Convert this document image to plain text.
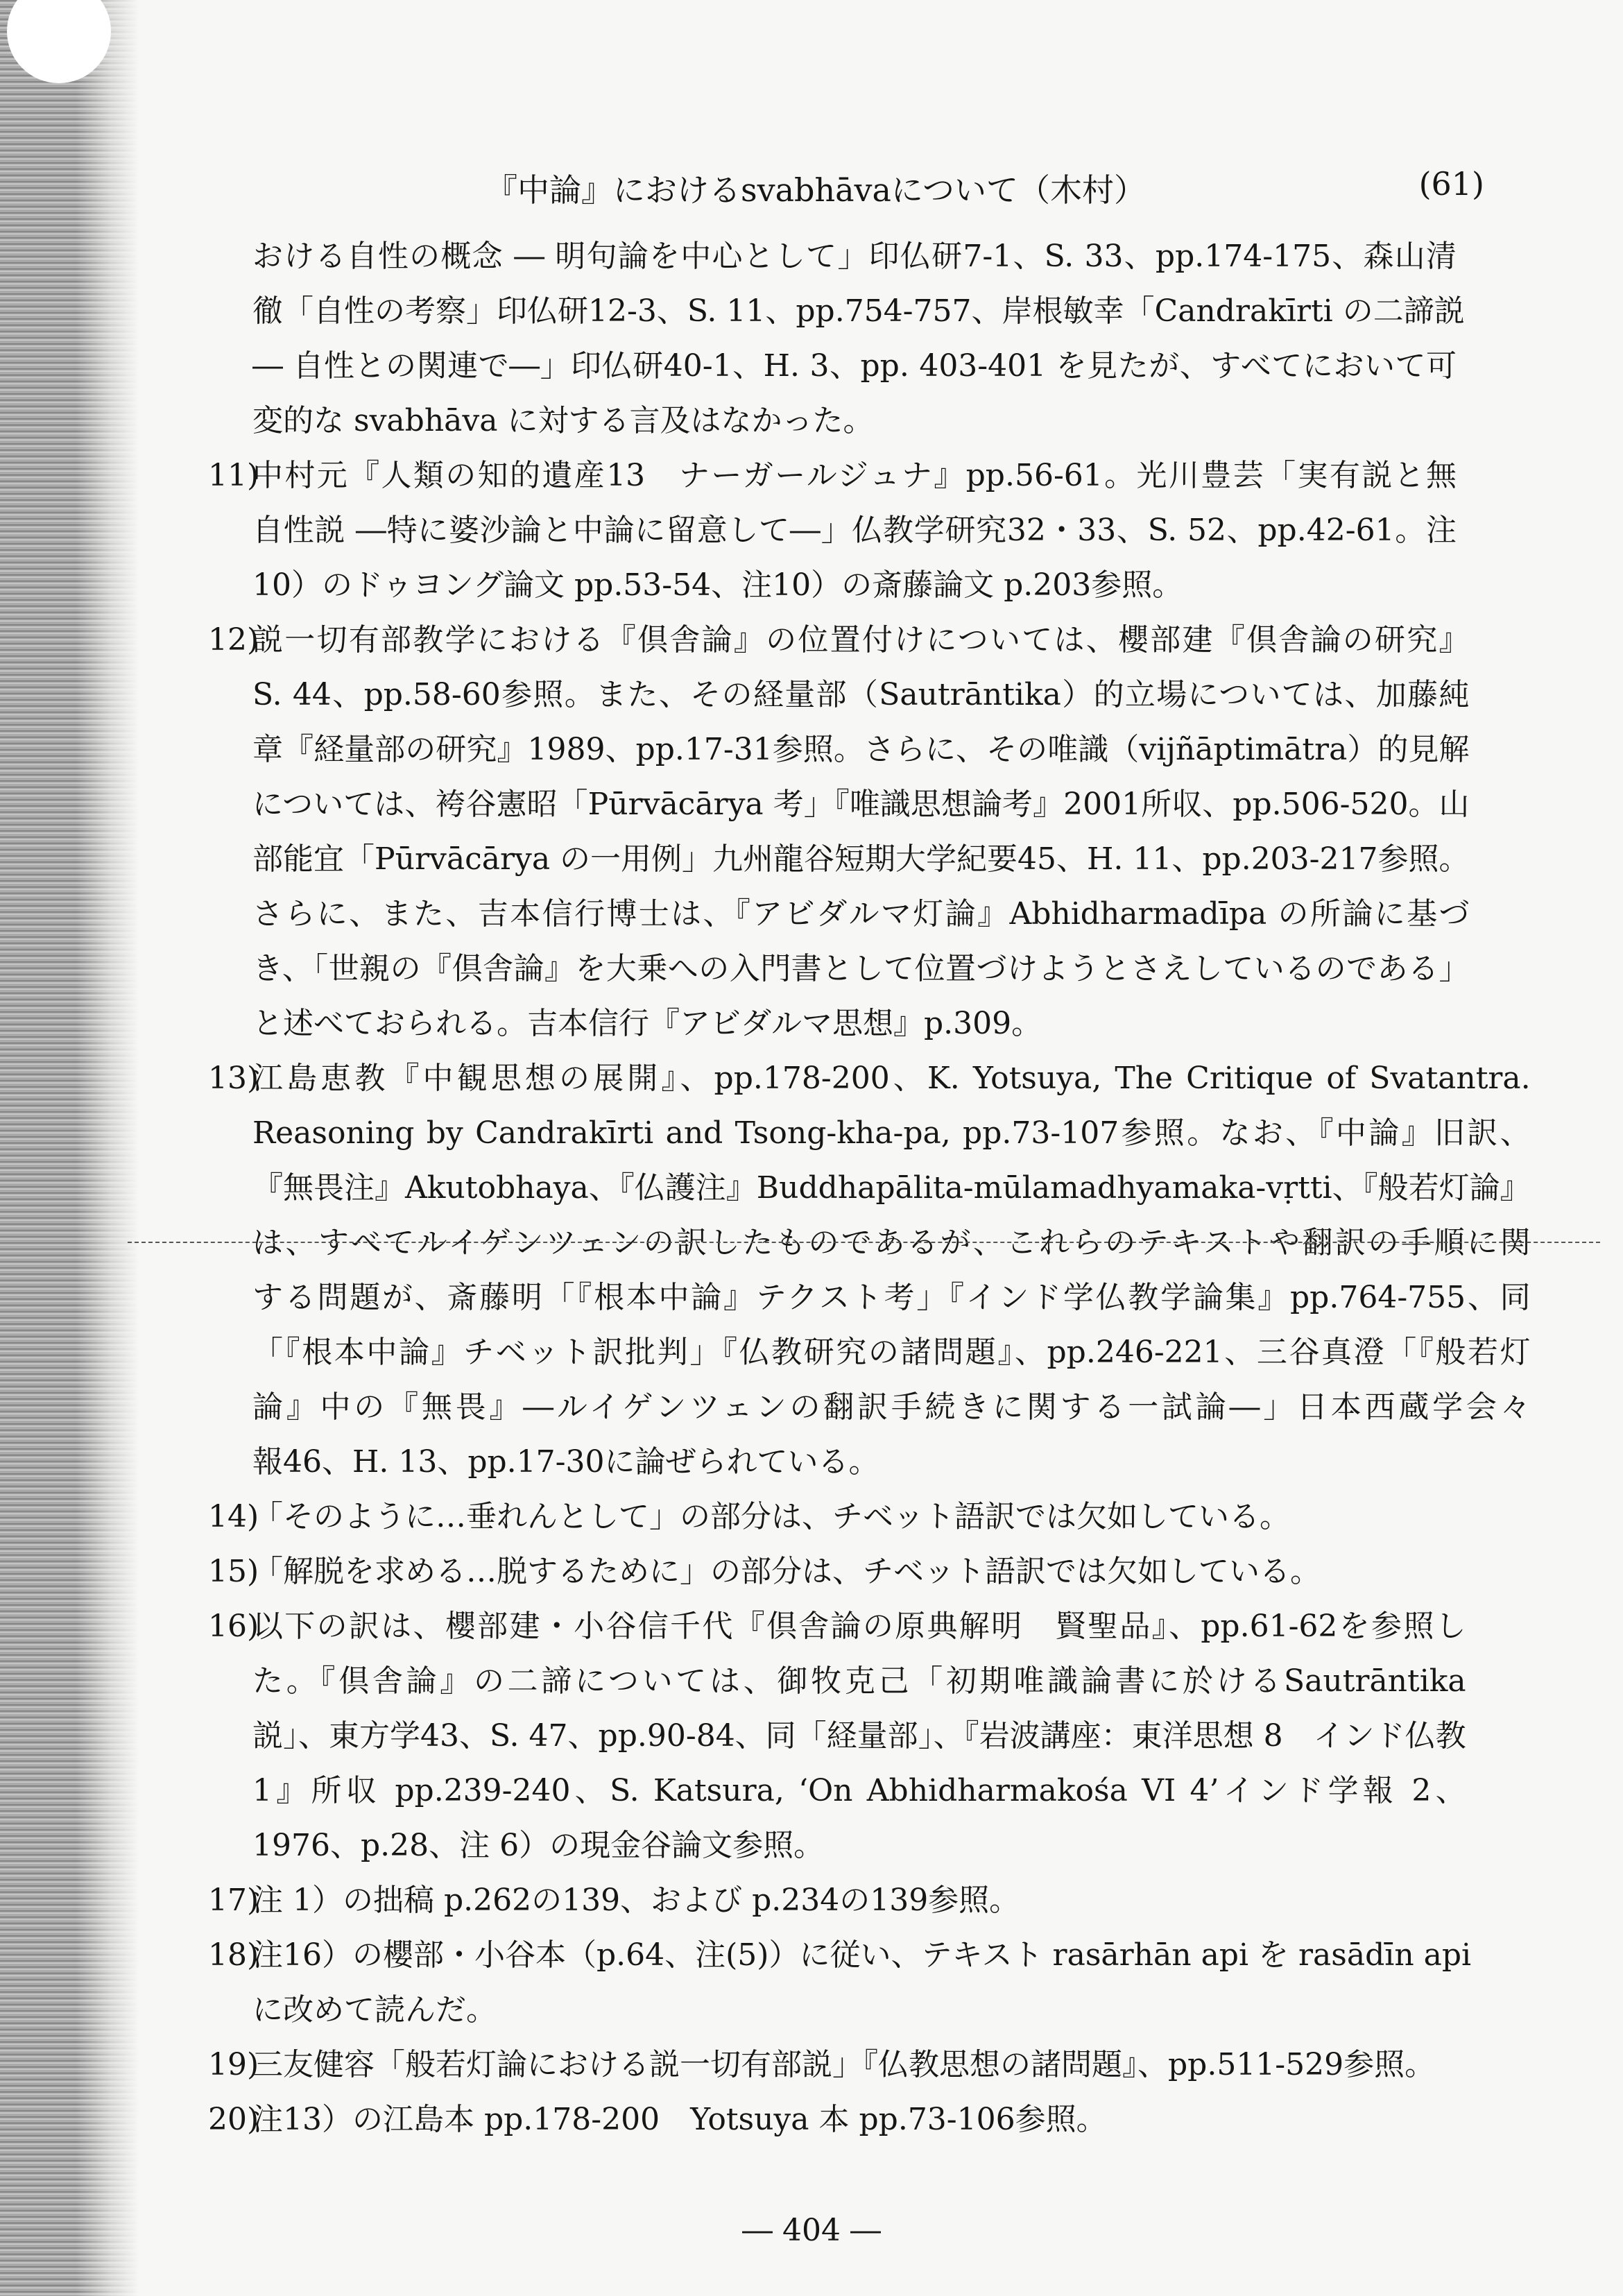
『中論』におけるsvabhāvaについて（木村）	(61)
おける自性の概念 ― 明句論を中心として」印仏研7-1、S. 33、pp.174-175、森山清
徹「自性の考察」印仏研12-3、S. 11、pp.754-757、岸根敏幸「Candrakīrti の二諦説
― 自性との関連で―」印仏研40-1、H. 3、pp. 403-401 を見たが、すべてにおいて可
変的な svabhāva に対する言及はなかった。
11)
中村元『人類の知的遺産13　ナーガールジュナ』pp.56-61。光川豊芸「実有説と無
自性説 ―特に婆沙論と中論に留意して―」仏教学研究32・33、S. 52、pp.42-61。注
10）のドゥヨング論文 pp.53-54、注10）の斎藤論文 p.203参照。
12)
説一切有部教学における『倶舎論』の位置付けについては、櫻部建『倶舎論の研究』
S. 44、pp.58-60参照。また、その経量部（Sautrāntika）的立場については、加藤純
章『経量部の研究』1989、pp.17-31参照。さらに、その唯識（vijñāptimātra）的見解
については、袴谷憲昭「Pūrvācārya 考」『唯識思想論考』2001所収、pp.506-520。山
部能宜「Pūrvācārya の一用例」九州龍谷短期大学紀要45、H. 11、pp.203-217参照。
さらに、また、吉本信行博士は、『アビダルマ灯論』Abhidharmadīpa の所論に基づ
き、「世親の『倶舎論』を大乗への入門書として位置づけようとさえしているのである」
と述べておられる。吉本信行『アビダルマ思想』p.309。
13)
江島恵教『中観思想の展開』、pp.178-200、K. Yotsuya, The Critique of Svatantra.
Reasoning by Candrakīrti and Tsong-kha-pa, pp.73-107参照。なお、『中論』旧訳、
『無畏注』Akutobhaya、『仏護注』Buddhapālita-mūlamadhyamaka-vṛtti、『般若灯論』
は、すべてルイゲンツェンの訳したものであるが、これらのテキストや翻訳の手順に関
する問題が、斎藤明「『根本中論』テクスト考」『インド学仏教学論集』pp.764-755、同
「『根本中論』チベット訳批判」『仏教研究の諸問題』、pp.246-221、三谷真澄「『般若灯
論』中の『無畏』―ルイゲンツェンの翻訳手続きに関する一試論―」日本西蔵学会々
報46、H. 13、pp.17-30に論ぜられている。
14)
「そのように…垂れんとして」の部分は、チベット語訳では欠如している。
15)
「解脱を求める…脱するために」の部分は、チベット語訳では欠如している。
16)
以下の訳は、櫻部建・小谷信千代『倶舎論の原典解明　賢聖品』、pp.61-62を参照し
た。『倶舎論』の二諦については、御牧克己「初期唯識論書に於けるSautrāntika
説」、東方学43、S. 47、pp.90-84、同「経量部」、『岩波講座：東洋思想 8　インド仏教
1』所収 pp.239-240、S. Katsura, ‘On Abhidharmakośa VI 4’インド学報 2、
1976、p.28、注 6）の現金谷論文参照。
17)
注 1）の拙稿 p.262の139、および p.234の139参照。
18)
注16）の櫻部・小谷本（p.64、注(5)）に従い、テキスト rasārhān api を rasādīn api
に改めて読んだ。
19)
三友健容「般若灯論における説一切有部説」『仏教思想の諸問題』、pp.511-529参照。
20)
注13）の江島本 pp.178-200　Yotsuya 本 pp.73-106参照。
― 404 ―
